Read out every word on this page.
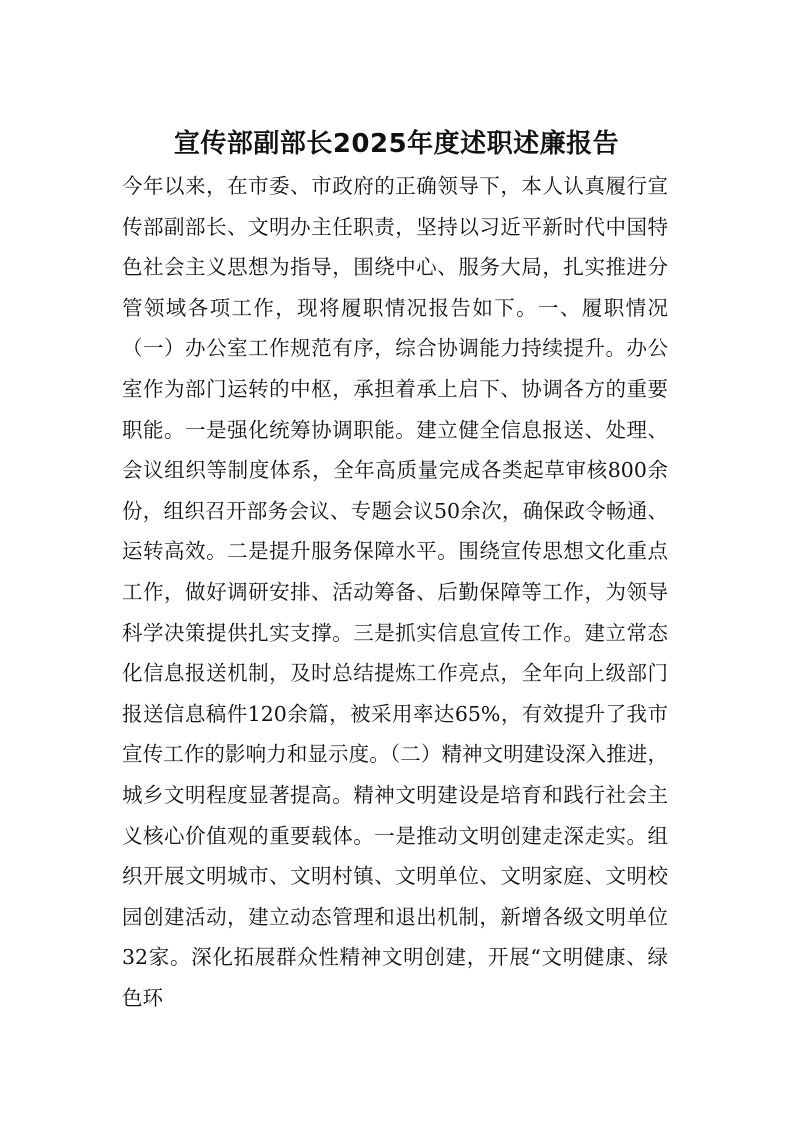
宣传部副部长2025年度述职述廉报告
今年以来，在市委、市政府的正确领导下，本人认真履行宣传部副部长、文明办主任职责，坚持以习近平新时代中国特色社会主义思想为指导，围绕中心、服务大局，扎实推进分管领域各项工作，现将履职情况报告如下。一、履职情况（一）办公室工作规范有序，综合协调能力持续提升。办公室作为部门运转的中枢，承担着承上启下、协调各方的重要职能。一是强化统筹协调职能。建立健全信息报送、处理、会议组织等制度体系，全年高质量完成各类起草审核800余份，组织召开部务会议、专题会议50余次，确保政令畅通、运转高效。二是提升服务保障水平。围绕宣传思想文化重点工作，做好调研安排、活动筹备、后勤保障等工作，为领导科学决策提供扎实支撑。三是抓实信息宣传工作。建立常态化信息报送机制，及时总结提炼工作亮点，全年向上级部门报送信息稿件120余篇，被采用率达65%，有效提升了我市宣传工作的影响力和显示度。（二）精神文明建设深入推进，城乡文明程度显著提高。精神文明建设是培育和践行社会主义核心价值观的重要载体。一是推动文明创建走深走实。组织开展文明城市、文明村镇、文明单位、文明家庭、文明校园创建活动，建立动态管理和退出机制，新增各级文明单位32家。深化拓展群众性精神文明创建，开展“文明健康、绿色环
